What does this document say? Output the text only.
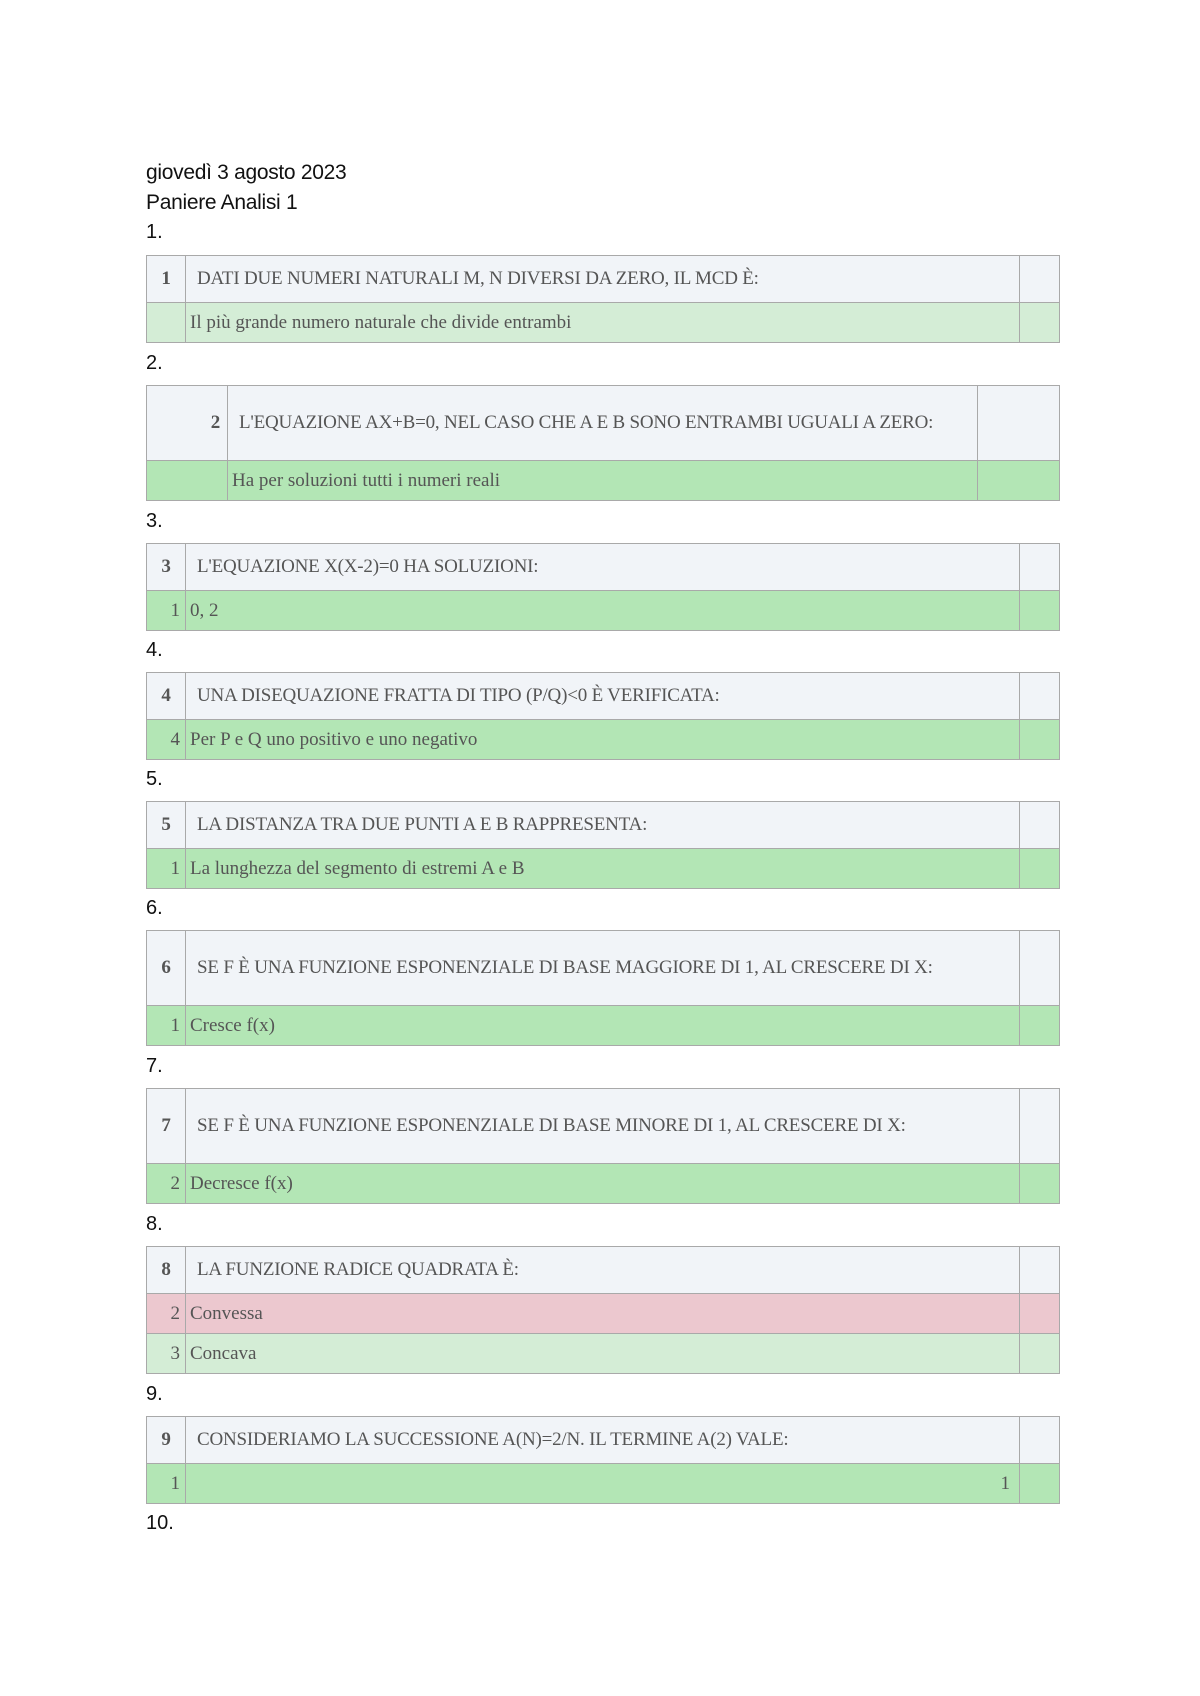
giovedì 3 agosto 2023
Paniere Analisi 1
1.
1	DATI DUE NUMERI NATURALI M, N DIVERSI DA ZERO, IL MCD È:	
	Il più grande numero naturale che divide entrambi	
2.
2	L'EQUAZIONE AX+B=0, NEL CASO CHE A E B SONO ENTRAMBI UGUALI A ZERO:	
	Ha per soluzioni tutti i numeri reali	
3.
3	L'EQUAZIONE X(X-2)=0 HA SOLUZIONI:	
1	0, 2	
4.
4	UNA DISEQUAZIONE FRATTA DI TIPO (P/Q)<0 È VERIFICATA:	
4	Per P e Q uno positivo e uno negativo	
5.
5	LA DISTANZA TRA DUE PUNTI A E B RAPPRESENTA:	
1	La lunghezza del segmento di estremi A e B	
6.
6	SE F È UNA FUNZIONE ESPONENZIALE DI BASE MAGGIORE DI 1, AL CRESCERE DI X:	
1	Cresce f(x)	
7.
7	SE F È UNA FUNZIONE ESPONENZIALE DI BASE MINORE DI 1, AL CRESCERE DI X:	
2	Decresce f(x)	
8.
8	LA FUNZIONE RADICE QUADRATA È:	
2	Convessa	
3	Concava	
9.
9	CONSIDERIAMO LA SUCCESSIONE A(N)=2/N. IL TERMINE A(2) VALE:	
1	1	

10.
